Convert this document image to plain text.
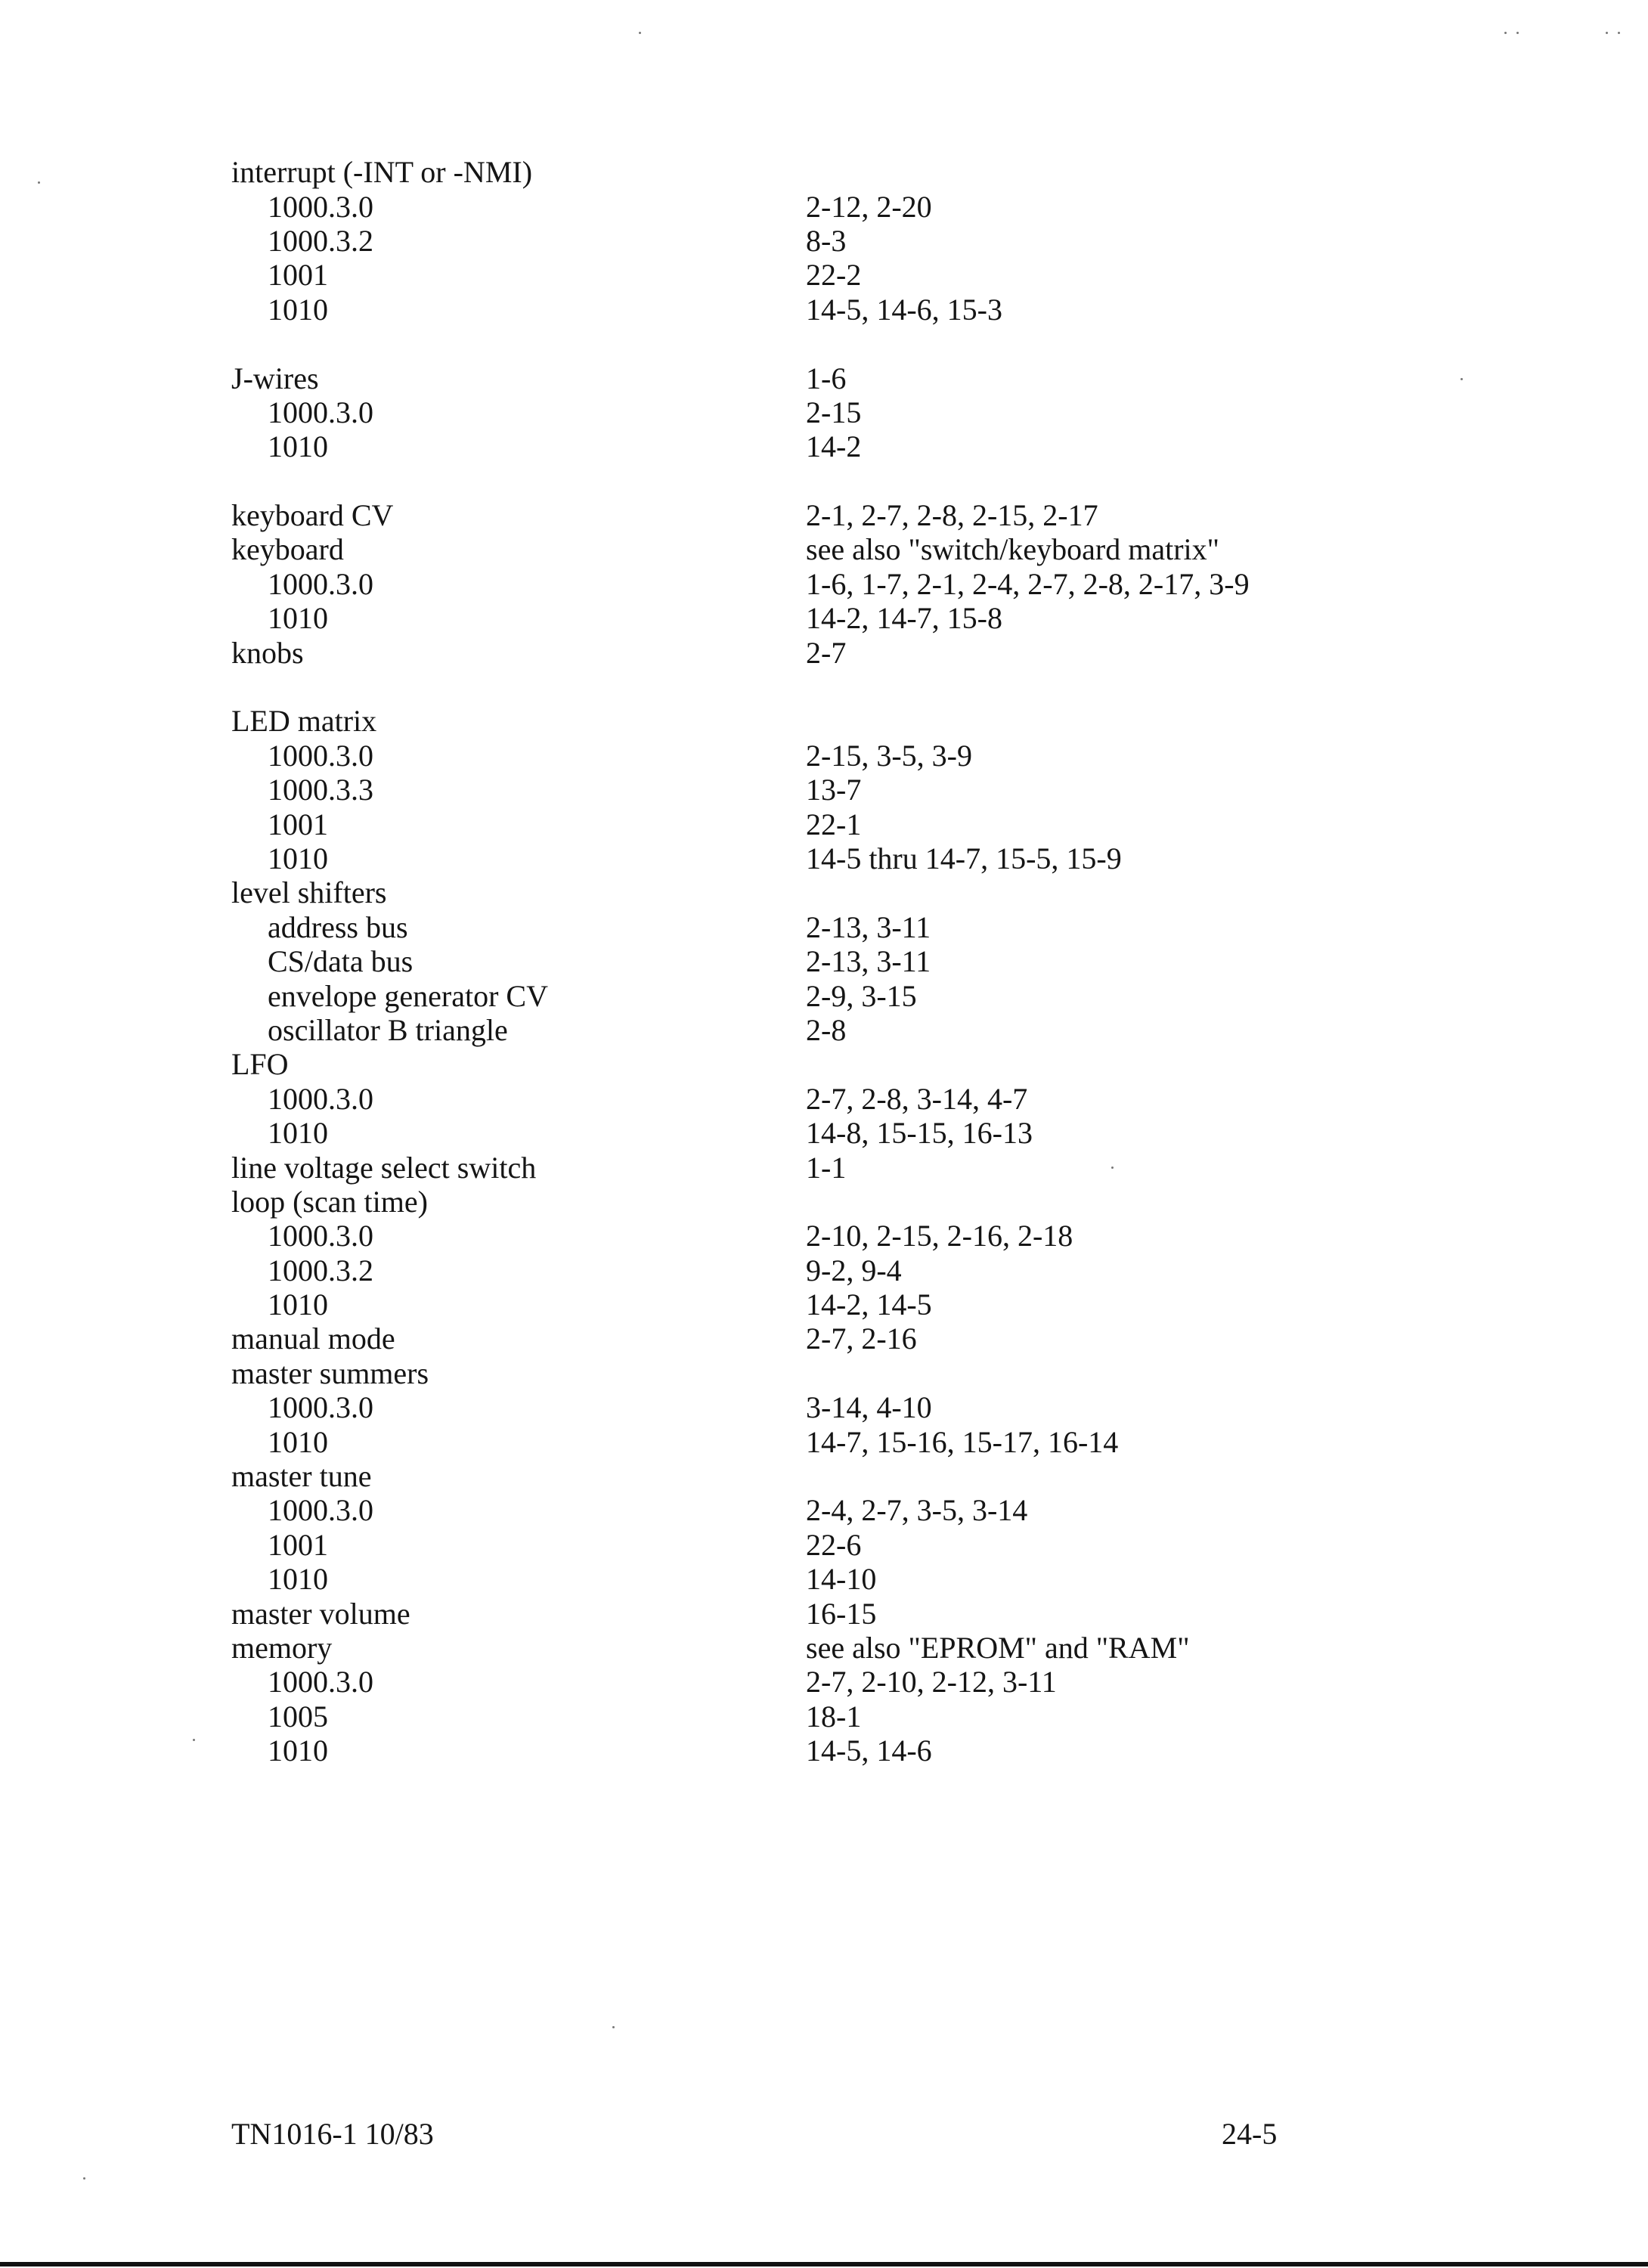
interrupt (-INT or -NMI)
1000.3.0	2-12, 2-20
1000.3.2	8-3
1001	22-2
1010	14-5, 14-6, 15-3
J-wires	1-6
1000.3.0	2-15
1010	14-2
keyboard CV	2-1, 2-7, 2-8, 2-15, 2-17
keyboard	see also "switch/keyboard matrix"
1000.3.0	1-6, 1-7, 2-1, 2-4, 2-7, 2-8, 2-17, 3-9
1010	14-2, 14-7, 15-8
knobs	2-7
LED matrix
1000.3.0	2-15, 3-5, 3-9
1000.3.3	13-7
1001	22-1
1010	14-5 thru 14-7, 15-5, 15-9
level shifters
address bus	2-13, 3-11
CS/data bus	2-13, 3-11
envelope generator CV	2-9, 3-15
oscillator B triangle	2-8
LFO
1000.3.0	2-7, 2-8, 3-14, 4-7
1010	14-8, 15-15, 16-13
line voltage select switch	1-1
loop (scan time)
1000.3.0	2-10, 2-15, 2-16, 2-18
1000.3.2	9-2, 9-4
1010	14-2, 14-5
manual mode	2-7, 2-16
master summers
1000.3.0	3-14, 4-10
1010	14-7, 15-16, 15-17, 16-14
master tune
1000.3.0	2-4, 2-7, 3-5, 3-14
1001	22-6
1010	14-10
master volume	16-15
memory	see also "EPROM" and "RAM"
1000.3.0	2-7, 2-10, 2-12, 3-11
1005	18-1
1010	14-5, 14-6
TN1016-1 10/83	24-5
